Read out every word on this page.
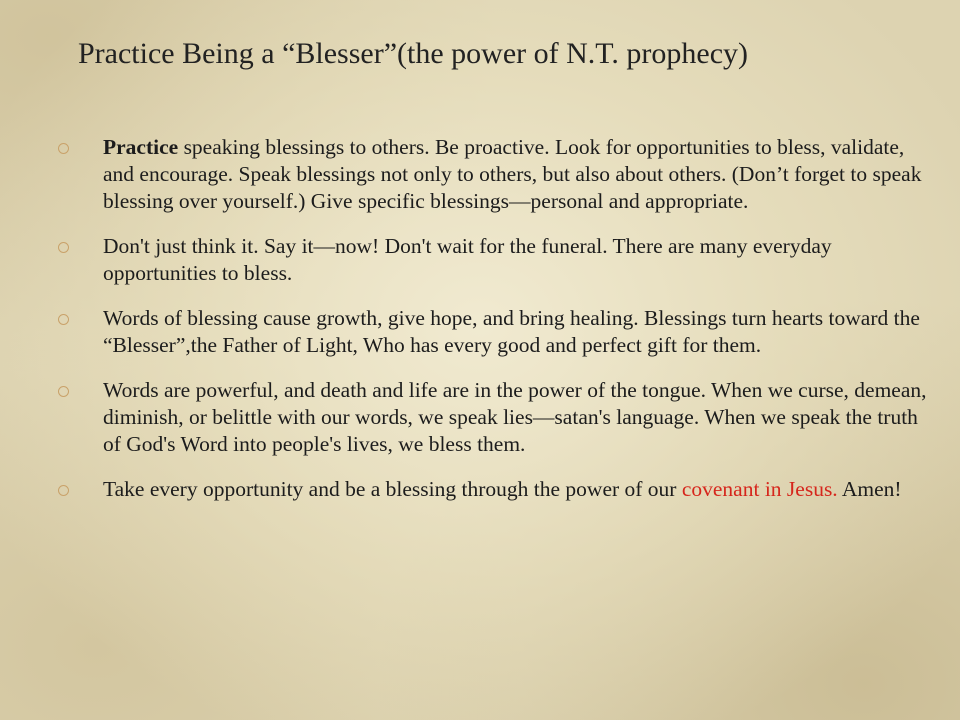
Practice Being a “Blesser”(the power of N.T. prophecy)
Practice speaking blessings to others. Be proactive. Look for opportunities to bless, validate, and encourage. Speak blessings not only to others, but also about others. (Don’t forget to speak blessing over yourself.) Give specific blessings—personal and appropriate.
Don't just think it. Say it—now! Don't wait for the funeral. There are many everyday opportunities to bless.
Words of blessing cause growth, give hope, and bring healing. Blessings turn hearts toward the “Blesser”,the Father of Light, Who has every good and perfect gift for them.
Words are powerful, and death and life are in the power of the tongue. When we curse, demean, diminish, or belittle with our words, we speak lies—satan's language. When we speak the truth of God's Word into people's lives, we bless them.
Take every opportunity and be a blessing through the power of our covenant in Jesus. Amen!
